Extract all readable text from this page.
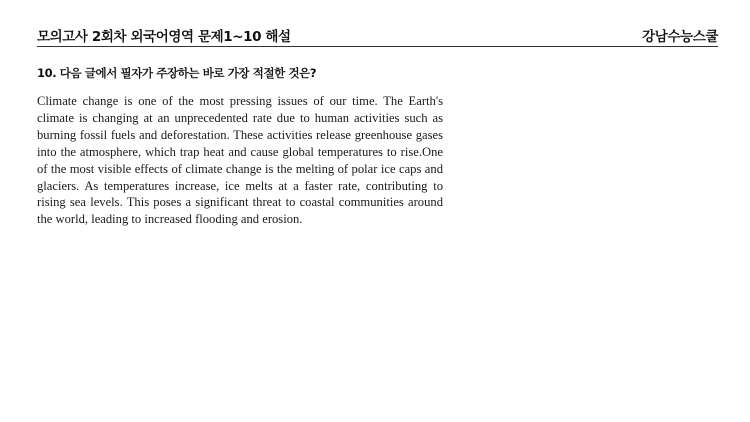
모의고사 2회차 외국어영역 문제1~10 해설	강남수능스쿨
10. 다음 글에서 필자가 주장하는 바로 가장 적절한 것은?
Climate change is one of the most pressing issues of our time. The Earth's climate is changing at an unprecedented rate due to human activities such as burning fossil fuels and deforestation. These activities release greenhouse gases into the atmosphere, which trap heat and cause global temperatures to rise.One of the most visible effects of climate change is the melting of polar ice caps and glaciers. As temperatures increase, ice melts at a faster rate, contributing to rising sea levels. This poses a significant threat to coastal communities around the world, leading to increased flooding and erosion.
